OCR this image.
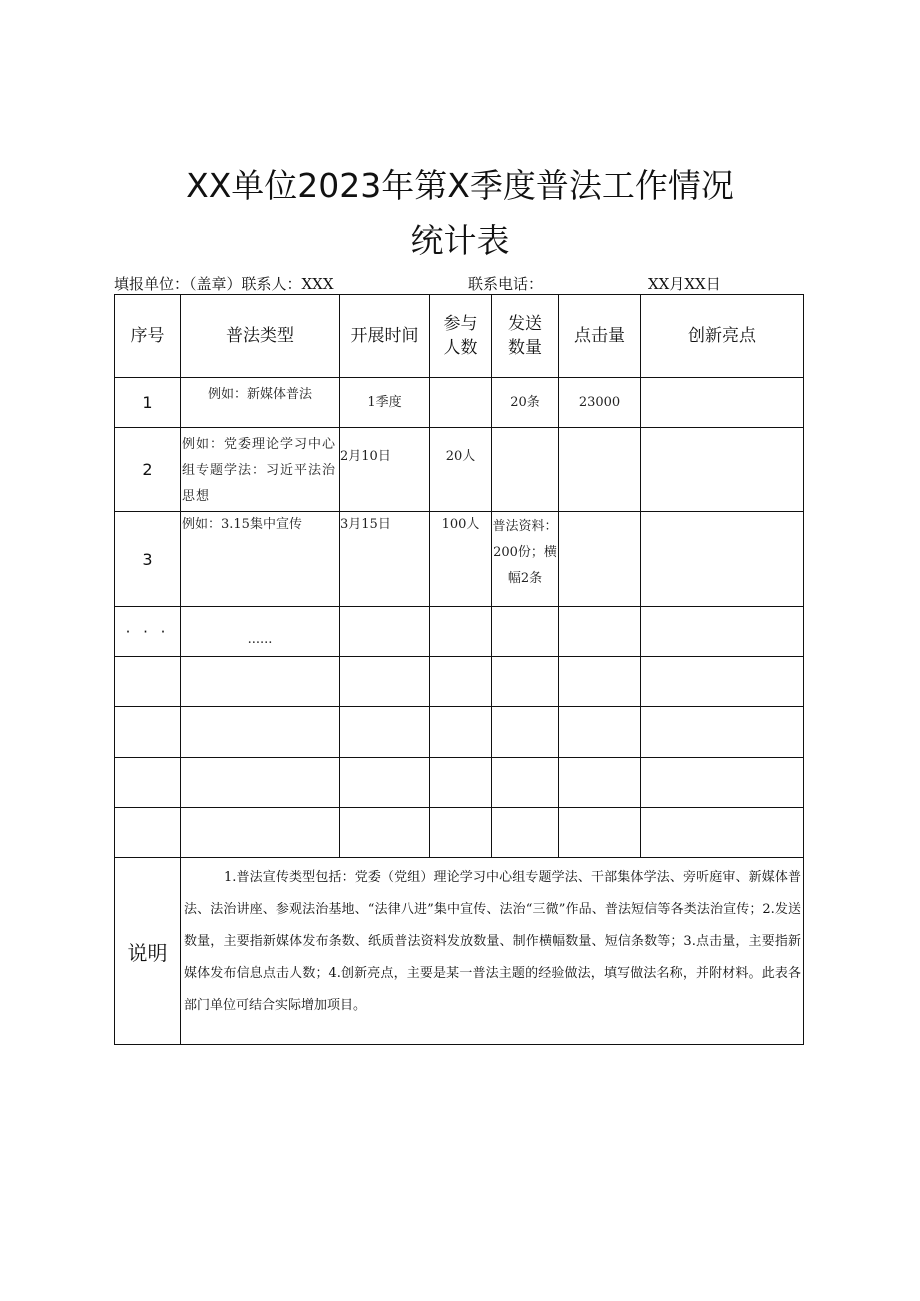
XX单位2023年第X季度普法工作情况
统计表
填报单位：（盖章）联系人：XXX	联系电话：	XX月XX日
序号	普法类型	开展时间	参与人数	发送数量	点击量	创新亮点
1	例如：新媒体普法	1季度		20条	23000	
2	例如：党委理论学习中心组专题学法：习近平法治思想	2月10日	20人			
3	例如：3.15集中宣传	3月15日	100人	普法资料：200份；横幅2条		
· · ·	......					

说明	1.普法宣传类型包括：党委（党组）理论学习中心组专题学法、干部集体学法、旁听庭审、新媒体普法、法治讲座、参观法治基地、“法律八进”集中宣传、法治“三微”作品、普法短信等各类法治宣传；2.发送数量，主要指新媒体发布条数、纸质普法资料发放数量、制作横幅数量、短信条数等；3.点击量，主要指新媒体发布信息点击人数；4.创新亮点，主要是某一普法主题的经验做法，填写做法名称，并附材料。此表各部门单位可结合实际增加项目。					
